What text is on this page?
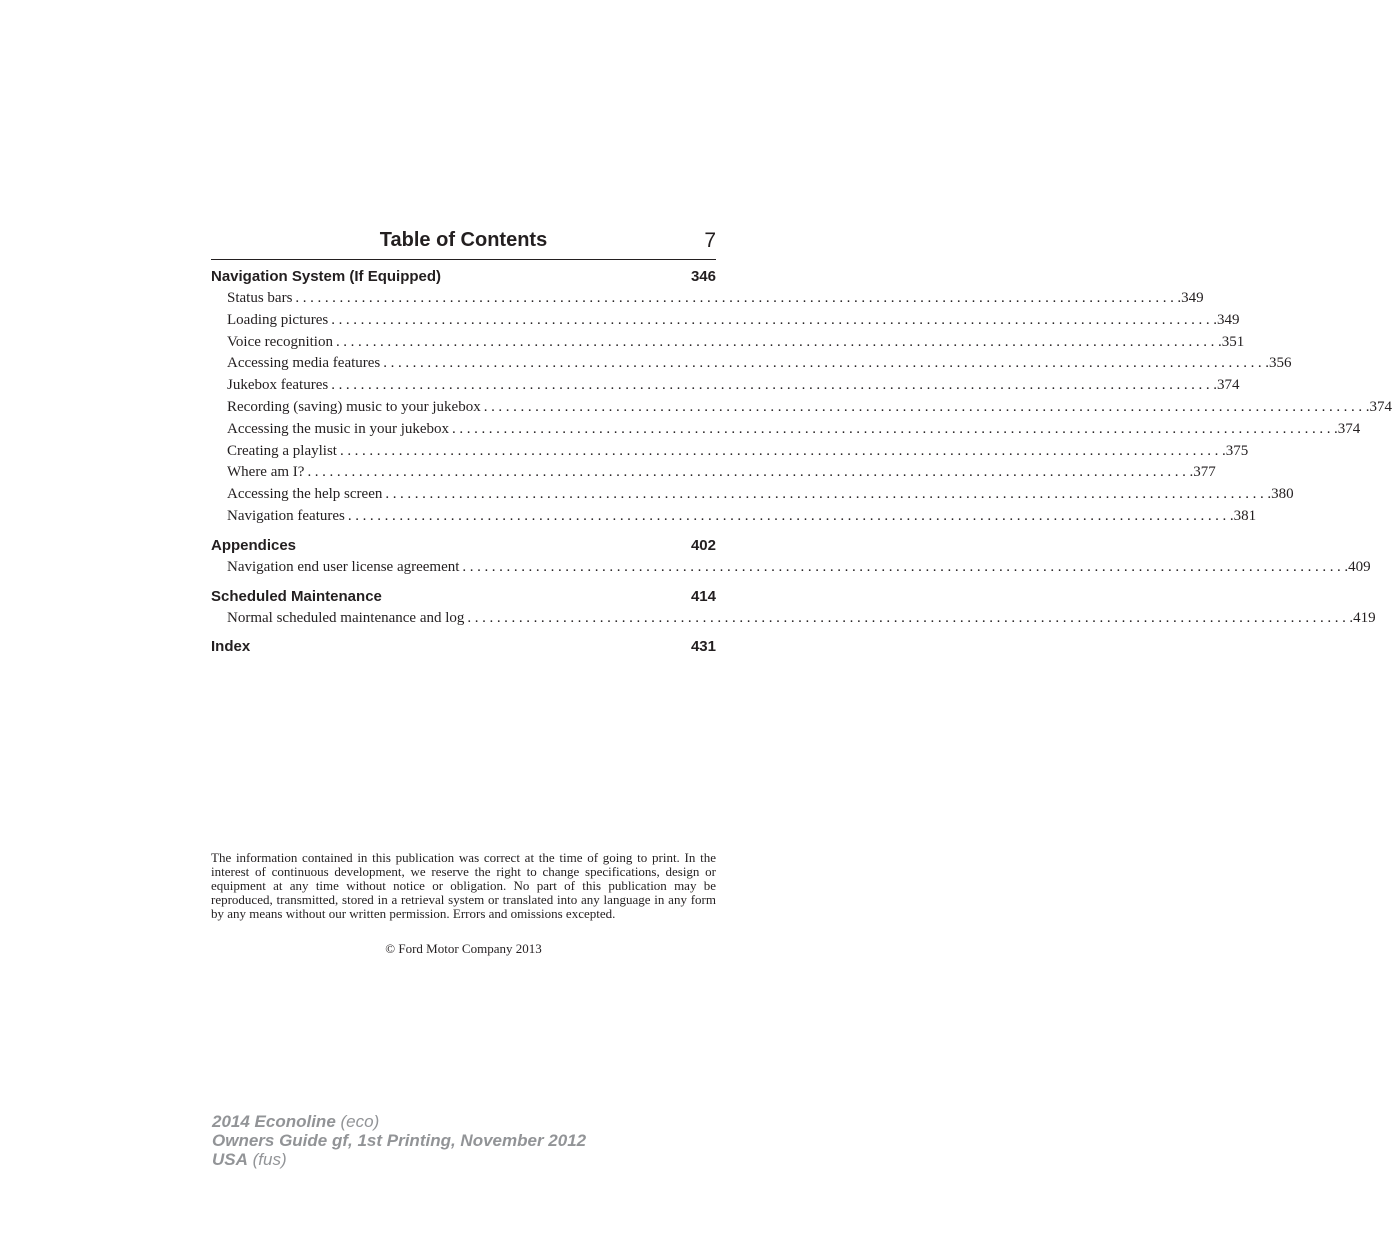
Table of Contents	7
Navigation System (If Equipped)	346
Status bars ........................................................................................................................ .349
Loading pictures ........................................................................................................................ .349
Voice recognition ........................................................................................................................ .351
Accessing media features ........................................................................................................................ .356
Jukebox features ........................................................................................................................ .374
Recording (saving) music to your jukebox ........................................................................................................................ .374
Accessing the music in your jukebox ........................................................................................................................ .374
Creating a playlist ........................................................................................................................ .375
Where am I? ........................................................................................................................ .377
Accessing the help screen ........................................................................................................................ .380
Navigation features ........................................................................................................................ .381
Appendices	402
Navigation end user license agreement ........................................................................................................................ .409
Scheduled Maintenance	414
Normal scheduled maintenance and log ........................................................................................................................ .419
Index	431
The information contained in this publication was correct at the time of going to print. In the interest of continuous development, we reserve the right to change specifications, design or equipment at any time without notice or obligation. No part of this publication may be reproduced, transmitted, stored in a retrieval system or translated into any language in any form by any means without our written permission. Errors and omissions excepted.
© Ford Motor Company 2013
2014 Econoline (eco)
Owners Guide gf, 1st Printing, November 2012
USA (fus)
